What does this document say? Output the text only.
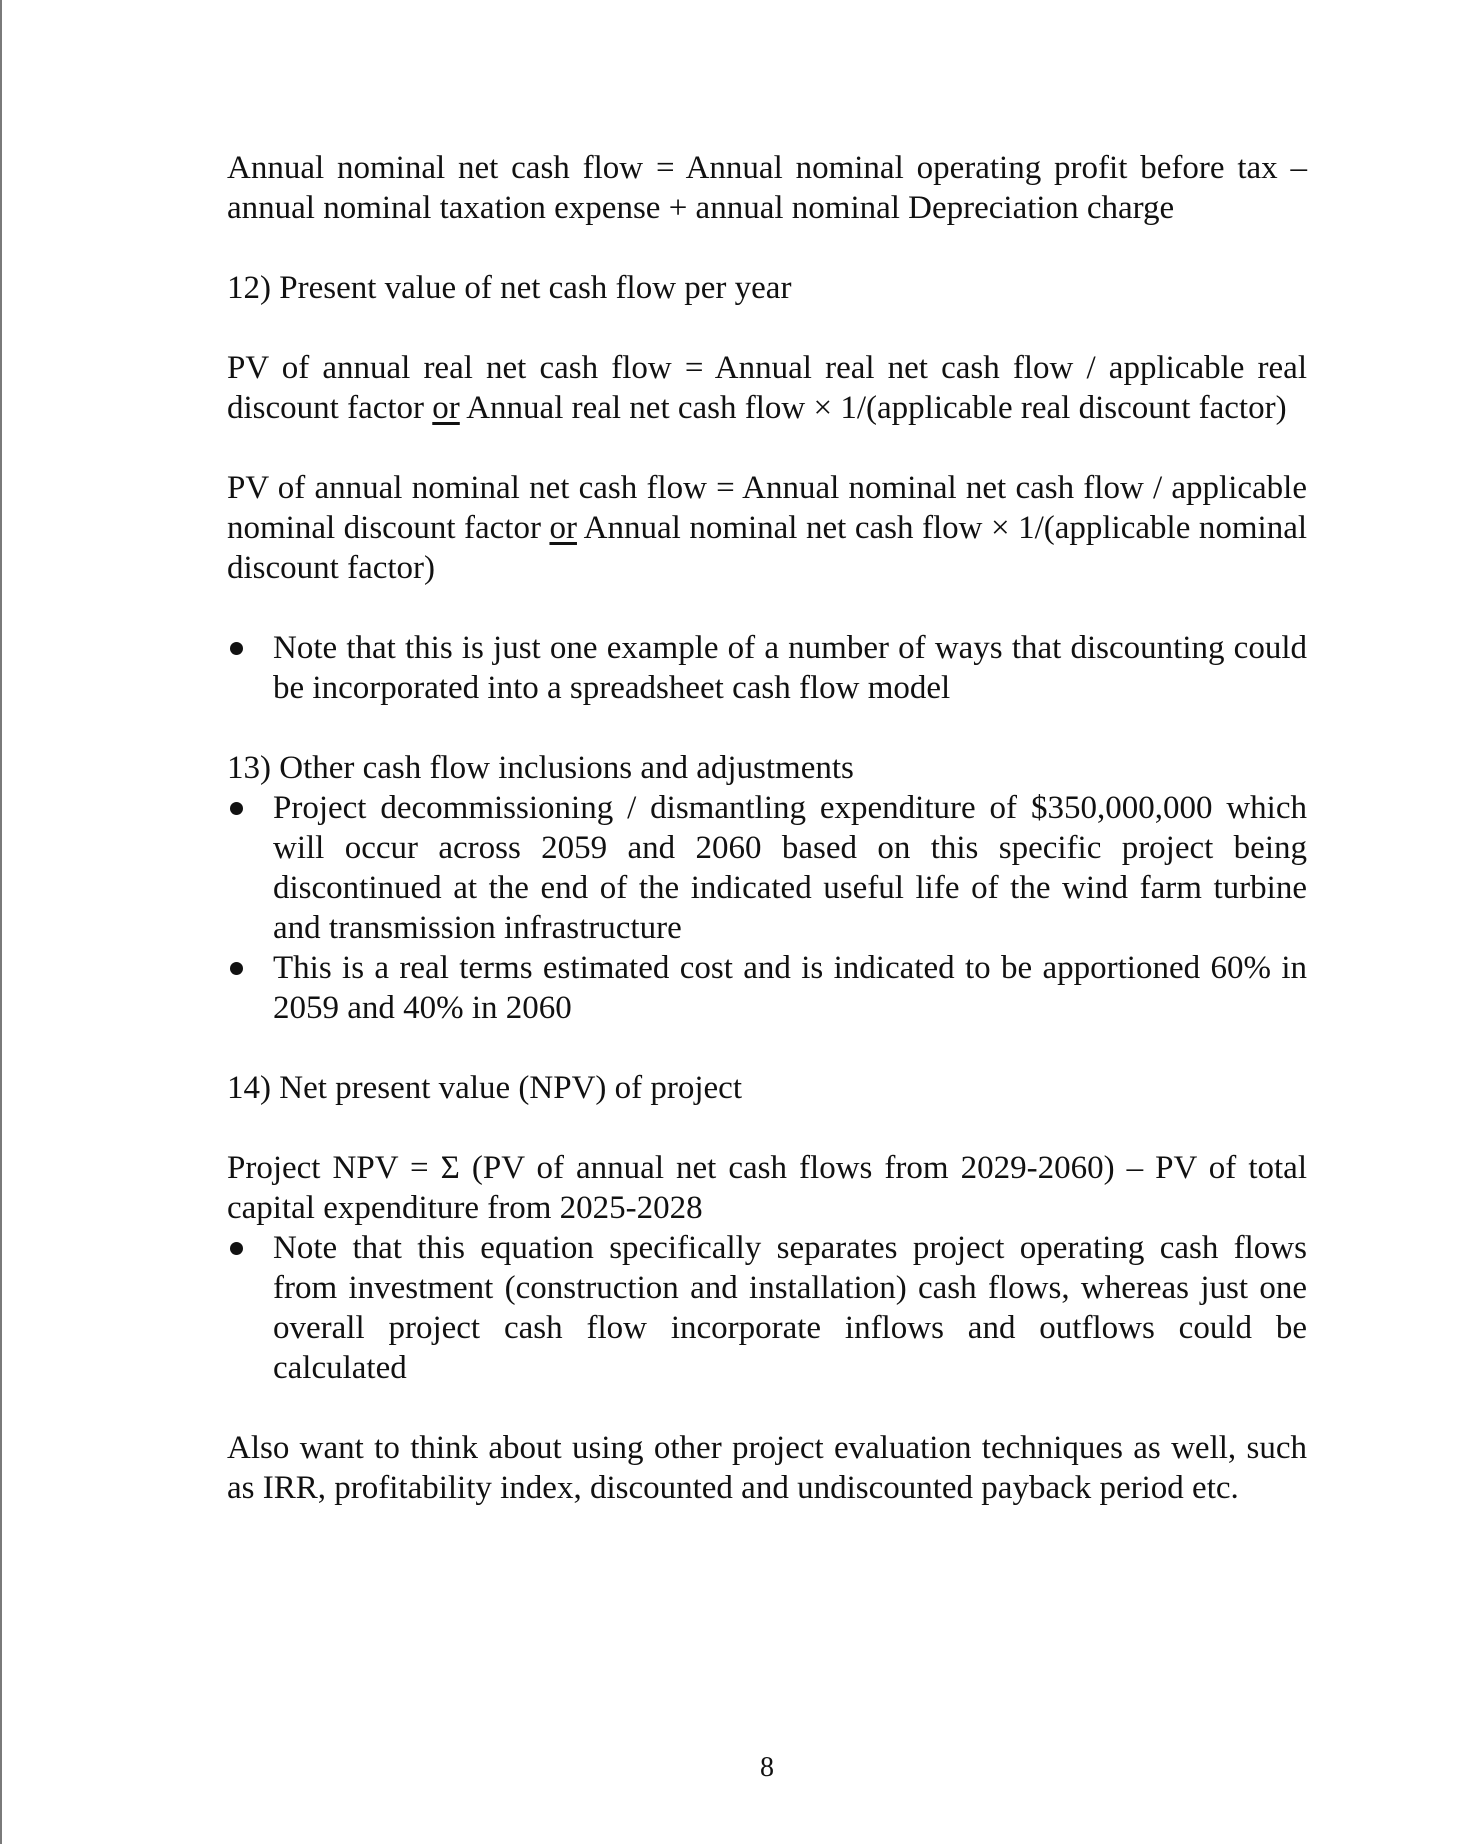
Annual nominal net cash flow = Annual nominal operating profit before tax – annual nominal taxation expense + annual nominal Depreciation charge

12) Present value of net cash flow per year

PV of annual real net cash flow = Annual real net cash flow / applicable real discount factor or Annual real net cash flow × 1/(applicable real discount factor)

PV of annual nominal net cash flow = Annual nominal net cash flow / applicable nominal discount factor or Annual nominal net cash flow × 1/(applicable nominal discount factor)

Note that this is just one example of a number of ways that discounting could be incorporated into a spreadsheet cash flow model

13) Other cash flow inclusions and adjustments

Project decommissioning / dismantling expenditure of $350,000,000 which will occur across 2059 and 2060 based on this specific project being discontinued at the end of the indicated useful life of the wind farm turbine and transmission infrastructure
This is a real terms estimated cost and is indicated to be apportioned 60% in 2059 and 40% in 2060

14) Net present value (NPV) of project

Project NPV = Σ (PV of annual net cash flows from 2029-2060) – PV of total capital expenditure from 2025-2028

Note that this equation specifically separates project operating cash flows from investment (construction and installation) cash flows, whereas just one overall project cash flow incorporate inflows and outflows could be calculated

Also want to think about using other project evaluation techniques as well, such as IRR, profitability index, discounted and undiscounted payback period etc.

8
